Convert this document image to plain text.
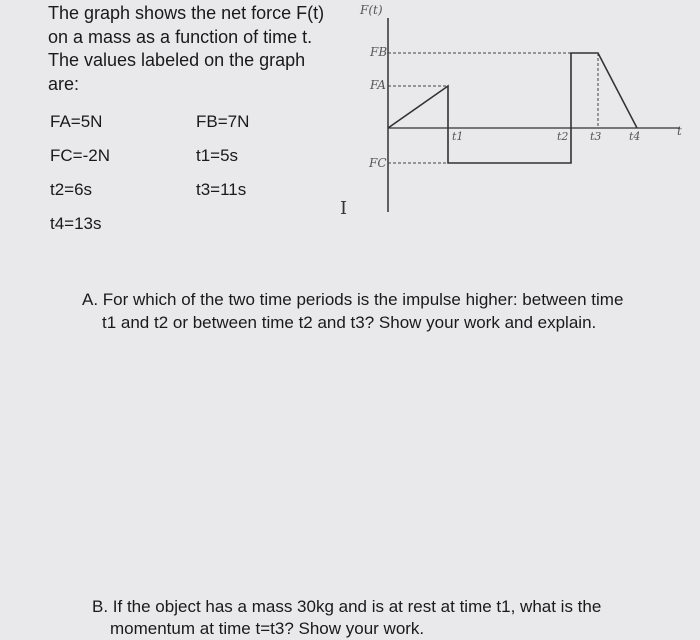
The graph shows the net force F(t)
on a mass as a function of time t.
The values labeled on the graph
are:
FA=5N	FB=7N
FC=-2N	t1=5s
t2=6s	t3=11s
t4=13s
I
F(t)
t
FB
FA
FC
t1	t2 t3	t4
A. For which of the two time periods is the impulse higher: between time
t1 and t2 or between time t2 and t3? Show your work and explain.
B. If the object has a mass 30kg and is at rest at time t1, what is the
momentum at time t=t3? Show your work.
